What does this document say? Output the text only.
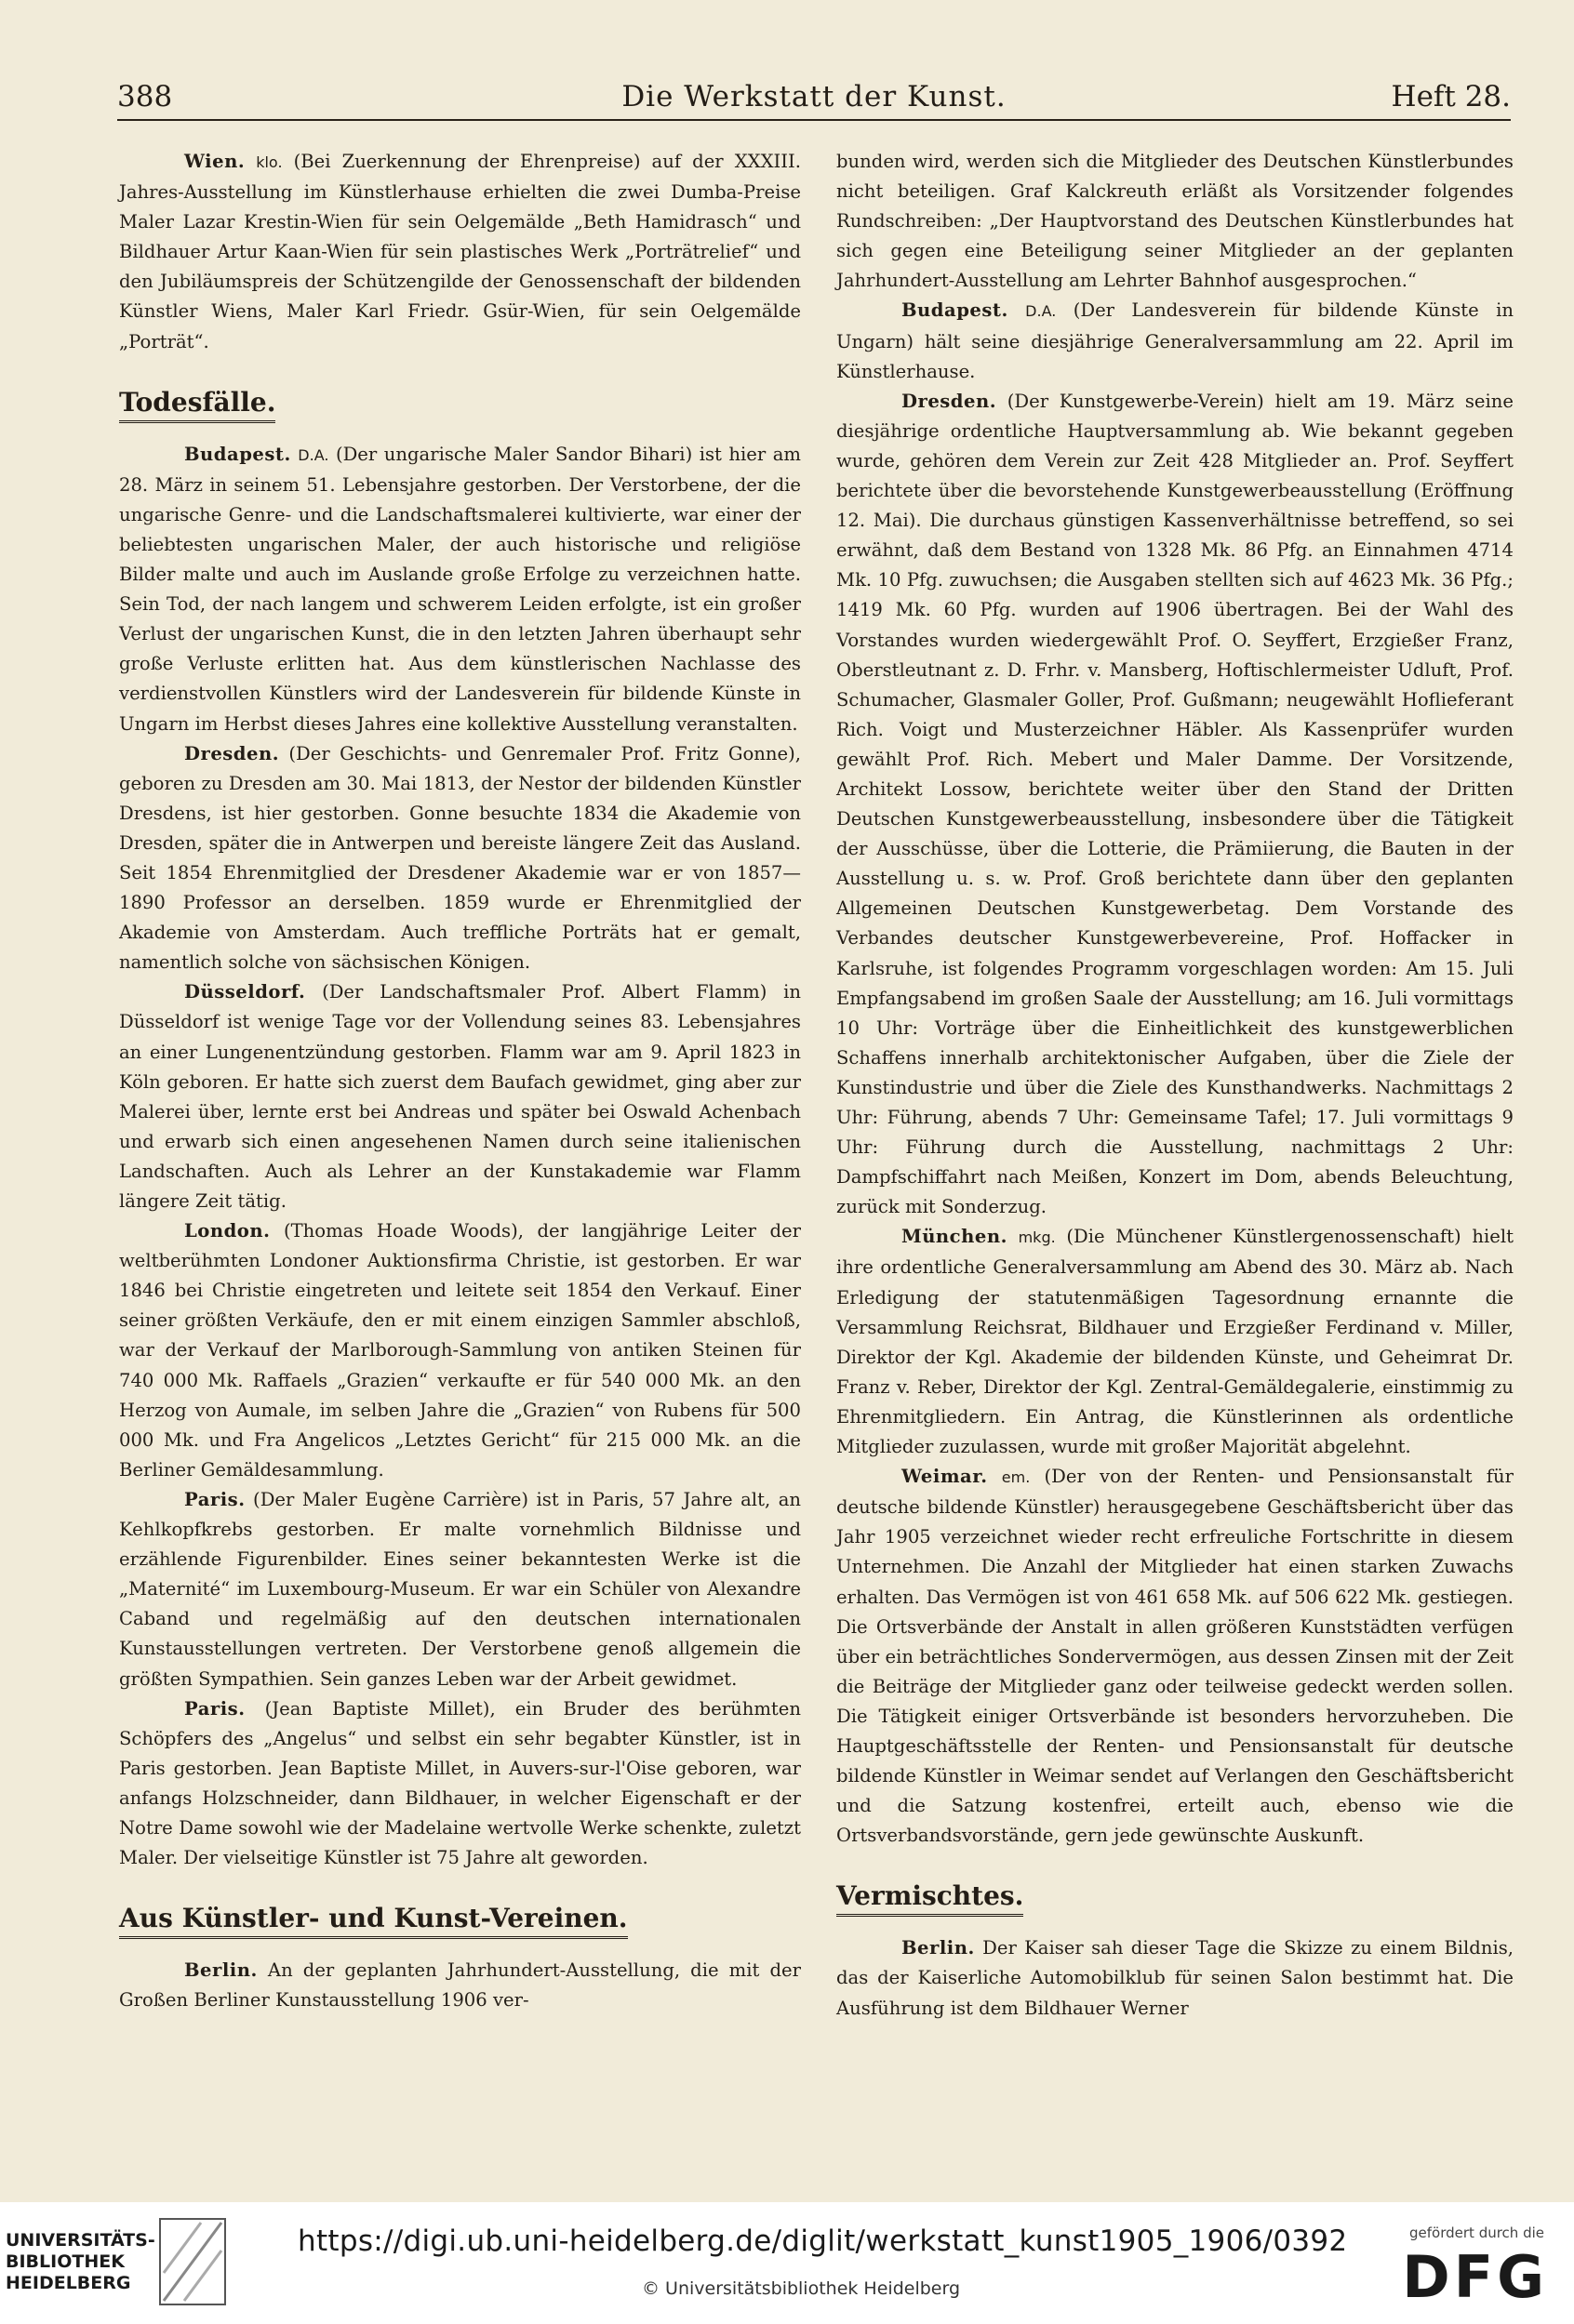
388	Die Werkstatt der Kunst.	Heft 28.

Wien. klo. (Bei Zuerkennung der Ehrenpreise) auf der XXXIII. Jahres-Ausstellung im Künstlerhause erhielten die zwei Dumba-Preise Maler Lazar Krestin-Wien für sein Oelgemälde „Beth Hamidrasch“ und Bildhauer Artur Kaan-Wien für sein plastisches Werk „Porträtrelief“ und den Jubiläumspreis der Schützengilde der Genossenschaft der bildenden Künstler Wiens, Maler Karl Friedr. Gsür-Wien, für sein Oelgemälde „Porträt“.

Todesfälle.

Budapest. D.A. (Der ungarische Maler Sandor Bihari) ist hier am 28. März in seinem 51. Lebensjahre gestorben. Der Verstorbene, der die ungarische Genre- und die Landschaftsmalerei kultivierte, war einer der beliebtesten ungarischen Maler, der auch historische und religiöse Bilder malte und auch im Auslande große Erfolge zu verzeichnen hatte. Sein Tod, der nach langem und schwerem Leiden erfolgte, ist ein großer Verlust der ungarischen Kunst, die in den letzten Jahren überhaupt sehr große Verluste erlitten hat. Aus dem künstlerischen Nachlasse des verdienstvollen Künstlers wird der Landesverein für bildende Künste in Ungarn im Herbst dieses Jahres eine kollektive Ausstellung veranstalten.

Dresden. (Der Geschichts- und Genremaler Prof. Fritz Gonne), geboren zu Dresden am 30. Mai 1813, der Nestor der bildenden Künstler Dresdens, ist hier gestorben. Gonne besuchte 1834 die Akademie von Dresden, später die in Antwerpen und bereiste längere Zeit das Ausland. Seit 1854 Ehrenmitglied der Dresdener Akademie war er von 1857—1890 Professor an derselben. 1859 wurde er Ehrenmitglied der Akademie von Amsterdam. Auch treffliche Porträts hat er gemalt, namentlich solche von sächsischen Königen.

Düsseldorf. (Der Landschaftsmaler Prof. Albert Flamm) in Düsseldorf ist wenige Tage vor der Vollendung seines 83. Lebensjahres an einer Lungenentzündung gestorben. Flamm war am 9. April 1823 in Köln geboren. Er hatte sich zuerst dem Baufach gewidmet, ging aber zur Malerei über, lernte erst bei Andreas und später bei Oswald Achenbach und erwarb sich einen angesehenen Namen durch seine italienischen Landschaften. Auch als Lehrer an der Kunstakademie war Flamm längere Zeit tätig.

London. (Thomas Hoade Woods), der langjährige Leiter der weltberühmten Londoner Auktionsfirma Christie, ist gestorben. Er war 1846 bei Christie eingetreten und leitete seit 1854 den Verkauf. Einer seiner größten Verkäufe, den er mit einem einzigen Sammler abschloß, war der Verkauf der Marlborough-Sammlung von antiken Steinen für 740 000 Mk. Raffaels „Grazien“ verkaufte er für 540 000 Mk. an den Herzog von Aumale, im selben Jahre die „Grazien“ von Rubens für 500 000 Mk. und Fra Angelicos „Letztes Gericht“ für 215 000 Mk. an die Berliner Gemäldesammlung.

Paris. (Der Maler Eugène Carrière) ist in Paris, 57 Jahre alt, an Kehlkopfkrebs gestorben. Er malte vornehmlich Bildnisse und erzählende Figurenbilder. Eines seiner bekanntesten Werke ist die „Maternité“ im Luxembourg-Museum. Er war ein Schüler von Alexandre Caband und regelmäßig auf den deutschen internationalen Kunstausstellungen vertreten. Der Verstorbene genoß allgemein die größten Sympathien. Sein ganzes Leben war der Arbeit gewidmet.

Paris. (Jean Baptiste Millet), ein Bruder des berühmten Schöpfers des „Angelus“ und selbst ein sehr begabter Künstler, ist in Paris gestorben. Jean Baptiste Millet, in Auvers-sur-l'Oise geboren, war anfangs Holzschneider, dann Bildhauer, in welcher Eigenschaft er der Notre Dame sowohl wie der Madelaine wertvolle Werke schenkte, zuletzt Maler. Der vielseitige Künstler ist 75 Jahre alt geworden.

Aus Künstler- und Kunst-Vereinen.

Berlin. An der geplanten Jahrhundert-Ausstellung, die mit der Großen Berliner Kunstausstellung 1906 ver-

bunden wird, werden sich die Mitglieder des Deutschen Künstlerbundes nicht beteiligen. Graf Kalckreuth erläßt als Vorsitzender folgendes Rundschreiben: „Der Hauptvorstand des Deutschen Künstlerbundes hat sich gegen eine Beteiligung seiner Mitglieder an der geplanten Jahrhundert-Ausstellung am Lehrter Bahnhof ausgesprochen.“

Budapest. D.A. (Der Landesverein für bildende Künste in Ungarn) hält seine diesjährige Generalversammlung am 22. April im Künstlerhause.

Dresden. (Der Kunstgewerbe-Verein) hielt am 19. März seine diesjährige ordentliche Hauptversammlung ab. Wie bekannt gegeben wurde, gehören dem Verein zur Zeit 428 Mitglieder an. Prof. Seyffert berichtete über die bevorstehende Kunstgewerbeausstellung (Eröffnung 12. Mai). Die durchaus günstigen Kassenverhältnisse betreffend, so sei erwähnt, daß dem Bestand von 1328 Mk. 86 Pfg. an Einnahmen 4714 Mk. 10 Pfg. zuwuchsen; die Ausgaben stellten sich auf 4623 Mk. 36 Pfg.; 1419 Mk. 60 Pfg. wurden auf 1906 übertragen. Bei der Wahl des Vorstandes wurden wiedergewählt Prof. O. Seyffert, Erzgießer Franz, Oberstleutnant z. D. Frhr. v. Mansberg, Hoftischlermeister Udluft, Prof. Schumacher, Glasmaler Goller, Prof. Gußmann; neugewählt Hoflieferant Rich. Voigt und Musterzeichner Häbler. Als Kassenprüfer wurden gewählt Prof. Rich. Mebert und Maler Damme. Der Vorsitzende, Architekt Lossow, berichtete weiter über den Stand der Dritten Deutschen Kunstgewerbeausstellung, insbesondere über die Tätigkeit der Ausschüsse, über die Lotterie, die Prämiierung, die Bauten in der Ausstellung u. s. w. Prof. Groß berichtete dann über den geplanten Allgemeinen Deutschen Kunstgewerbetag. Dem Vorstande des Verbandes deutscher Kunstgewerbevereine, Prof. Hoffacker in Karlsruhe, ist folgendes Programm vorgeschlagen worden: Am 15. Juli Empfangsabend im großen Saale der Ausstellung; am 16. Juli vormittags 10 Uhr: Vorträge über die Einheitlichkeit des kunstgewerblichen Schaffens innerhalb architektonischer Aufgaben, über die Ziele der Kunstindustrie und über die Ziele des Kunsthandwerks. Nachmittags 2 Uhr: Führung, abends 7 Uhr: Gemeinsame Tafel; 17. Juli vormittags 9 Uhr: Führung durch die Ausstellung, nachmittags 2 Uhr: Dampfschiffahrt nach Meißen, Konzert im Dom, abends Beleuchtung, zurück mit Sonderzug.

München. mkg. (Die Münchener Künstlergenossenschaft) hielt ihre ordentliche Generalversammlung am Abend des 30. März ab. Nach Erledigung der statutenmäßigen Tagesordnung ernannte die Versammlung Reichsrat, Bildhauer und Erzgießer Ferdinand v. Miller, Direktor der Kgl. Akademie der bildenden Künste, und Geheimrat Dr. Franz v. Reber, Direktor der Kgl. Zentral-Gemäldegalerie, einstimmig zu Ehrenmitgliedern. Ein Antrag, die Künstlerinnen als ordentliche Mitglieder zuzulassen, wurde mit großer Majorität abgelehnt.

Weimar. em. (Der von der Renten- und Pensionsanstalt für deutsche bildende Künstler) herausgegebene Geschäftsbericht über das Jahr 1905 verzeichnet wieder recht erfreuliche Fortschritte in diesem Unternehmen. Die Anzahl der Mitglieder hat einen starken Zuwachs erhalten. Das Vermögen ist von 461 658 Mk. auf 506 622 Mk. gestiegen. Die Ortsverbände der Anstalt in allen größeren Kunststädten verfügen über ein beträchtliches Sondervermögen, aus dessen Zinsen mit der Zeit die Beiträge der Mitglieder ganz oder teilweise gedeckt werden sollen. Die Tätigkeit einiger Ortsverbände ist besonders hervorzuheben. Die Hauptgeschäftsstelle der Renten- und Pensionsanstalt für deutsche bildende Künstler in Weimar sendet auf Verlangen den Geschäftsbericht und die Satzung kostenfrei, erteilt auch, ebenso wie die Ortsverbandsvorstände, gern jede gewünschte Auskunft.

Vermischtes.

Berlin. Der Kaiser sah dieser Tage die Skizze zu einem Bildnis, das der Kaiserliche Automobilklub für seinen Salon bestimmt hat. Die Ausführung ist dem Bildhauer Werner

UNIVERSITÄTS-
BIBLIOTHEK
HEIDELBERG
https://digi.ub.uni-heidelberg.de/diglit/werkstatt_kunst1905_1906/0392
© Universitätsbibliothek Heidelberg
gefördert durch die
DFG
